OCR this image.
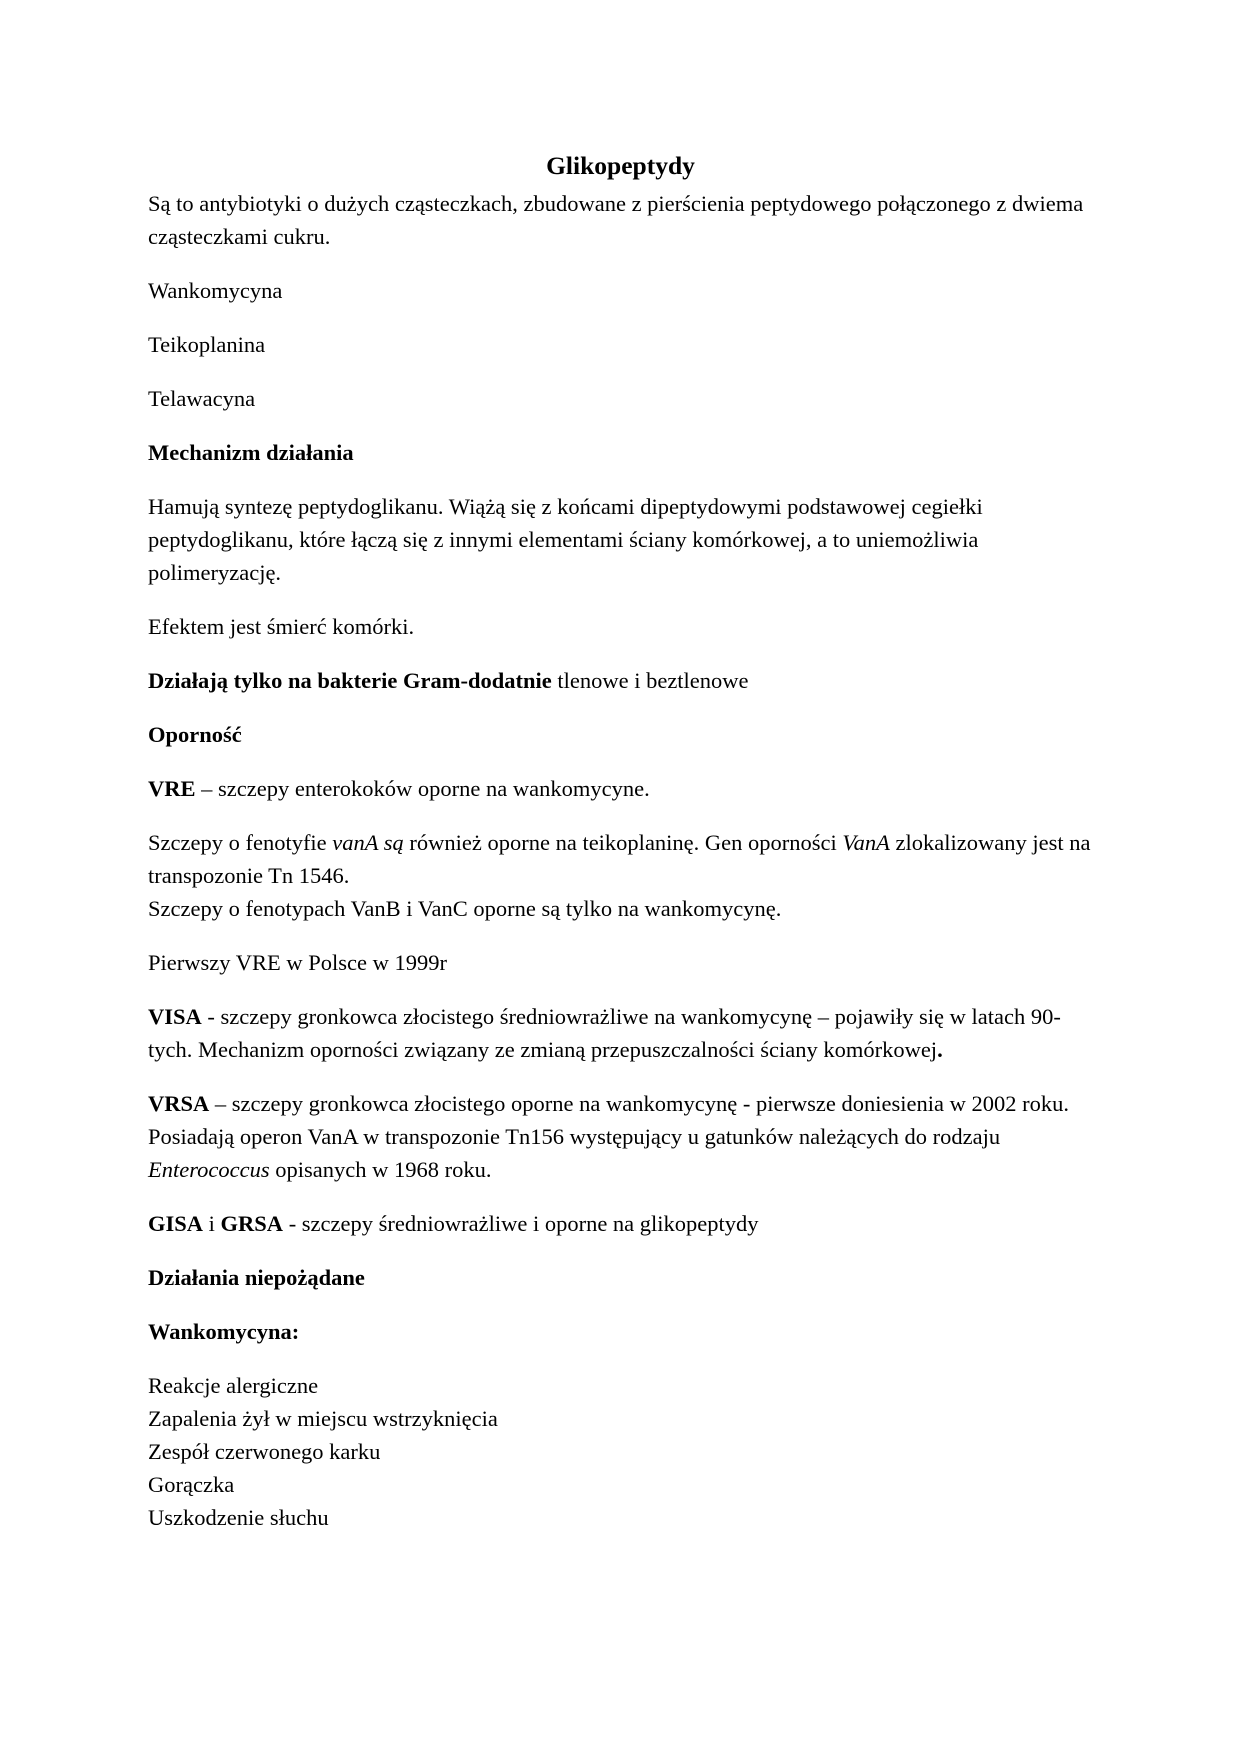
Glikopeptydy

Są to antybiotyki o dużych cząsteczkach, zbudowane z pierścienia peptydowego połączonego z dwiema cząsteczkami cukru.

Wankomycyna

Teikoplanina

Telawacyna

Mechanizm działania

Hamują syntezę peptydoglikanu. Wiążą się z końcami dipeptydowymi podstawowej cegiełki peptydoglikanu, które łączą się z innymi elementami ściany komórkowej, a to uniemożliwia polimeryzację.

Efektem jest śmierć komórki.

Działają tylko na bakterie Gram-dodatnie tlenowe i beztlenowe

Oporność

VRE – szczepy enterokoków oporne na wankomycyne.

Szczepy o fenotyfie vanA są również oporne na teikoplaninę. Gen oporności VanA zlokalizowany jest na transpozonie Tn 1546.
Szczepy o fenotypach VanB i VanC oporne są tylko na wankomycynę.

Pierwszy VRE w Polsce w 1999r

VISA - szczepy gronkowca złocistego średniowrażliwe na wankomycynę – pojawiły się w latach 90-tych. Mechanizm oporności związany ze zmianą przepuszczalności ściany komórkowej.

VRSA – szczepy gronkowca złocistego oporne na wankomycynę - pierwsze doniesienia w 2002 roku. Posiadają operon VanA w transpozonie Tn156 występujący u gatunków należących do rodzaju Enterococcus opisanych w 1968 roku.

GISA i GRSA - szczepy średniowrażliwe i oporne na glikopeptydy

Działania niepożądane

Wankomycyna:

Reakcje alergiczne
Zapalenia żył w miejscu wstrzyknięcia
Zespół czerwonego karku
Gorączka
Uszkodzenie słuchu
